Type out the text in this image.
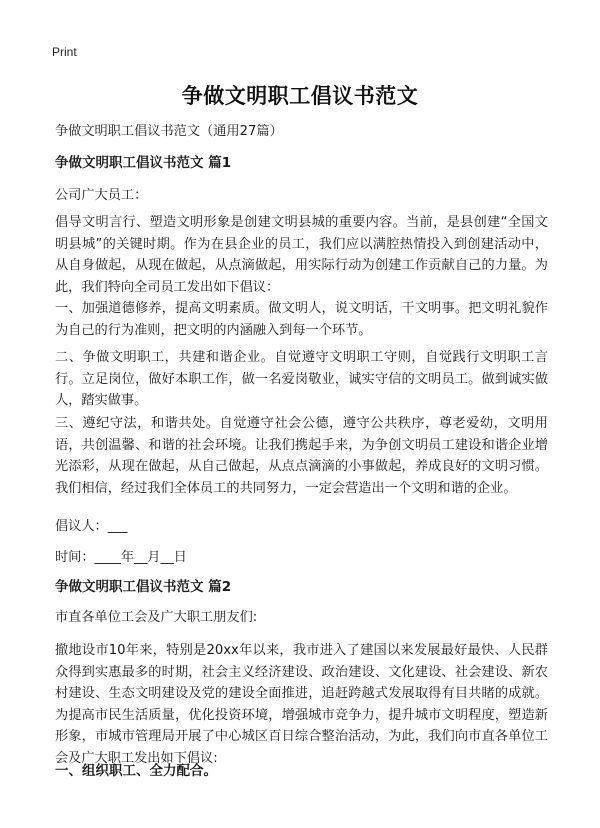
Print
争做文明职工倡议书范文
争做文明职工倡议书范文（通用27篇）
争做文明职工倡议书范文 篇1
公司广大员工：
倡导文明言行、塑造文明形象是创建文明县城的重要内容。当前，是县创建“全国文明县城”的关键时期。作为在县企业的员工，我们应以满腔热情投入到创建活动中，从自身做起，从现在做起，从点滴做起，用实际行动为创建工作贡献自己的力量。为此，我们特向全司员工发出如下倡议：
一、加强道德修养，提高文明素质。做文明人，说文明话，干文明事。把文明礼貌作为自己的行为准则，把文明的内涵融入到每一个环节。
二、争做文明职工，共建和谐企业。自觉遵守文明职工守则，自觉践行文明职工言行。立足岗位，做好本职工作，做一名爱岗敬业，诚实守信的文明员工。做到诚实做人，踏实做事。
三、遵纪守法，和谐共处。自觉遵守社会公德，遵守公共秩序，尊老爱幼，文明用语，共创温馨、和谐的社会环境。让我们携起手来，为争创文明员工建设和谐企业增光添彩，从现在做起，从自己做起，从点点滴滴的小事做起，养成良好的文明习惯。我们相信，经过我们全体员工的共同努力，一定会营造出一个文明和谐的企业。
倡议人：___
时间：____年__月__日
争做文明职工倡议书范文 篇2
市直各单位工会及广大职工朋友们:
撤地设市10年来，特别是20xx年以来，我市进入了建国以来发展最好最快、人民群众得到实惠最多的时期，社会主义经济建设、政治建设、文化建设、社会建设、新农村建设、生态文明建设及党的建设全面推进，追赶跨越式发展取得有目共睹的成就。为提高市民生活质量，优化投资环境，增强城市竞争力，提升城市文明程度，塑造新形象，市城市管理局开展了中心城区百日综合整治活动，为此，我们向市直各单位工会及广大职工发出如下倡议:
一、组织职工、全力配合。
